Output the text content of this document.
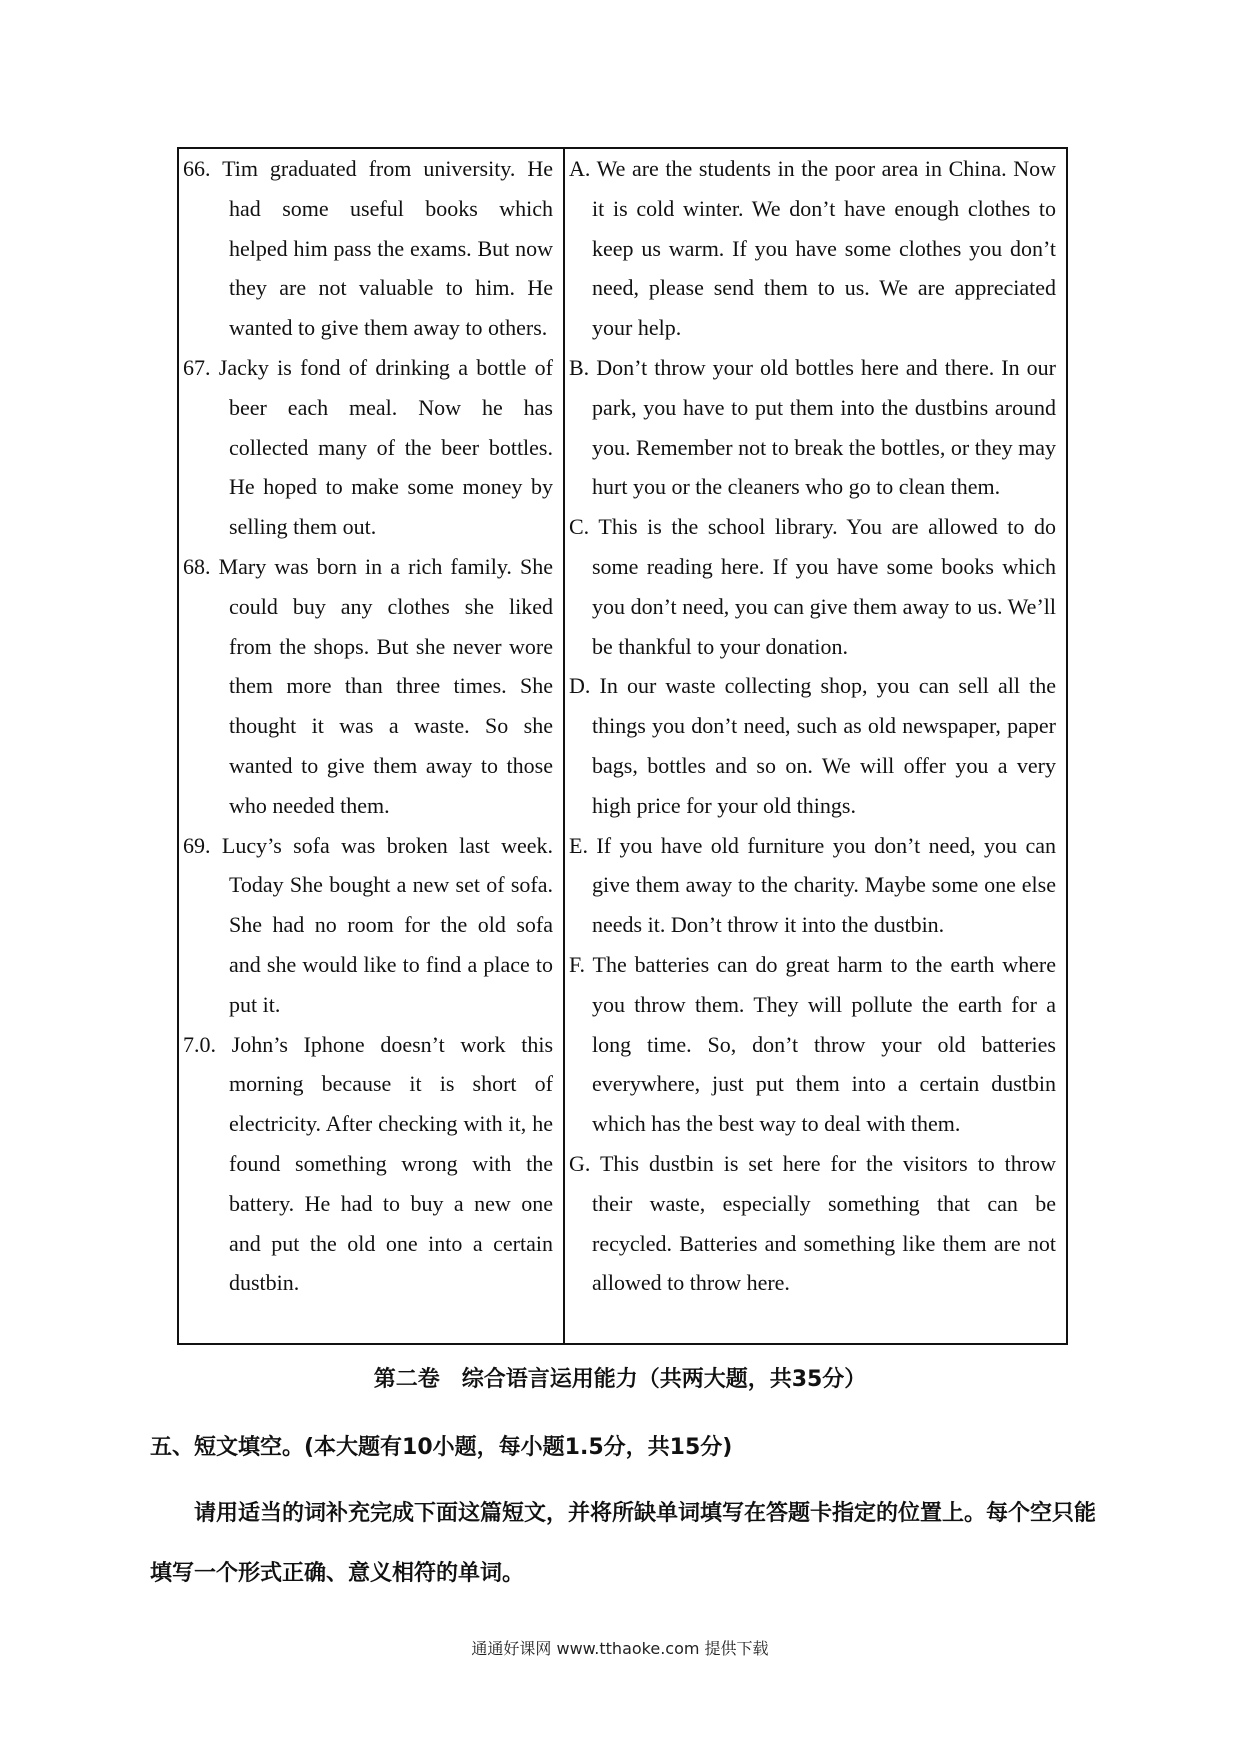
66. Tim graduated from university. He had some useful books which helped him pass the exams. But now they are not valuable to him. He wanted to give them away to others.
67. Jacky is fond of drinking a bottle of beer each meal. Now he has collected many of the beer bottles. He hoped to make some money by selling them out.
68. Mary was born in a rich family. She could buy any clothes she liked from the shops. But she never wore them more than three times. She thought it was a waste. So she wanted to give them away to those who needed them.
69. Lucy’s sofa was broken last week. Today She bought a new set of sofa. She had no room for the old sofa and she would like to find a place to put it.
7.0. John’s Iphone doesn’t work this morning because it is short of electricity. After checking with it, he found something wrong with the battery. He had to buy a new one and put the old one into a certain dustbin.
A. We are the students in the poor area in China. Now it is cold winter. We don’t have enough clothes to keep us warm. If you have some clothes you don’t need, please send them to us. We are appreciated your help.
B. Don’t throw your old bottles here and there. In our park, you have to put them into the dustbins around you. Remember not to break the bottles, or they may hurt you or the cleaners who go to clean them.
C. This is the school library. You are allowed to do some reading here. If you have some books which you don’t need, you can give them away to us. We’ll be thankful to your donation.
D. In our waste collecting shop, you can sell all the things you don’t need, such as old newspaper, paper bags, bottles and so on. We will offer you a very high price for your old things.
E. If you have old furniture you don’t need, you can give them away to the charity. Maybe some one else needs it. Don’t throw it into the dustbin.
F. The batteries can do great harm to the earth where you throw them. They will pollute the earth for a long time. So, don’t throw your old batteries everywhere, just put them into a certain dustbin which has the best way to deal with them.
G. This dustbin is set here for the visitors to throw their waste, especially something that can be recycled. Batteries and something like them are not allowed to throw here.
第二卷　综合语言运用能力（共两大题，共35分）
五、短文填空。(本大题有10小题，每小题1.5分，共15分)
请用适当的词补充完成下面这篇短文，并将所缺单词填写在答题卡指定的位置上。每个空只能填写一个形式正确、意义相符的单词。
通通好课网 www.tthaoke.com 提供下载
